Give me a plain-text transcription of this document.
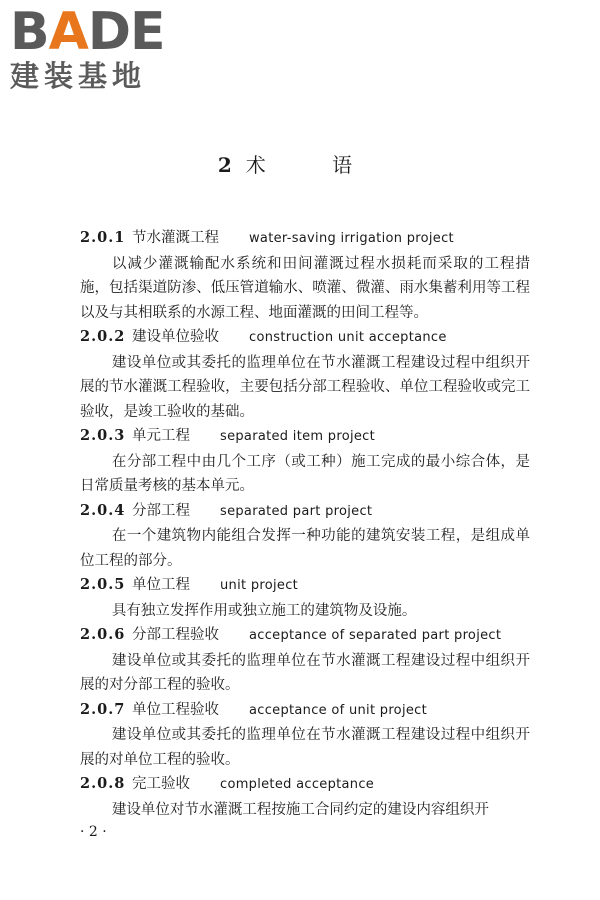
BADE
建装基地
2 术 语
2.0.1 节水灌溉工程 water-saving irrigation project

以减少灌溉输配水系统和田间灌溉过程水损耗而采取的工程措施，包括渠道防渗、低压管道输水、喷灌、微灌、雨水集蓄利用等工程以及与其相联系的水源工程、地面灌溉的田间工程等。

2.0.2 建设单位验收 construction unit acceptance

建设单位或其委托的监理单位在节水灌溉工程建设过程中组织开展的节水灌溉工程验收，主要包括分部工程验收、单位工程验收或完工验收，是竣工验收的基础。

2.0.3 单元工程 separated item project

在分部工程中由几个工序（或工种）施工完成的最小综合体，是日常质量考核的基本单元。

2.0.4 分部工程 separated part project

在一个建筑物内能组合发挥一种功能的建筑安装工程，是组成单位工程的部分。

2.0.5 单位工程 unit project

具有独立发挥作用或独立施工的建筑物及设施。

2.0.6 分部工程验收 acceptance of separated part project

建设单位或其委托的监理单位在节水灌溉工程建设过程中组织开展的对分部工程的验收。

2.0.7 单位工程验收 acceptance of unit project

建设单位或其委托的监理单位在节水灌溉工程建设过程中组织开展的对单位工程的验收。

2.0.8 完工验收 completed acceptance

建设单位对节水灌溉工程按施工合同约定的建设内容组织开

· 2 ·
